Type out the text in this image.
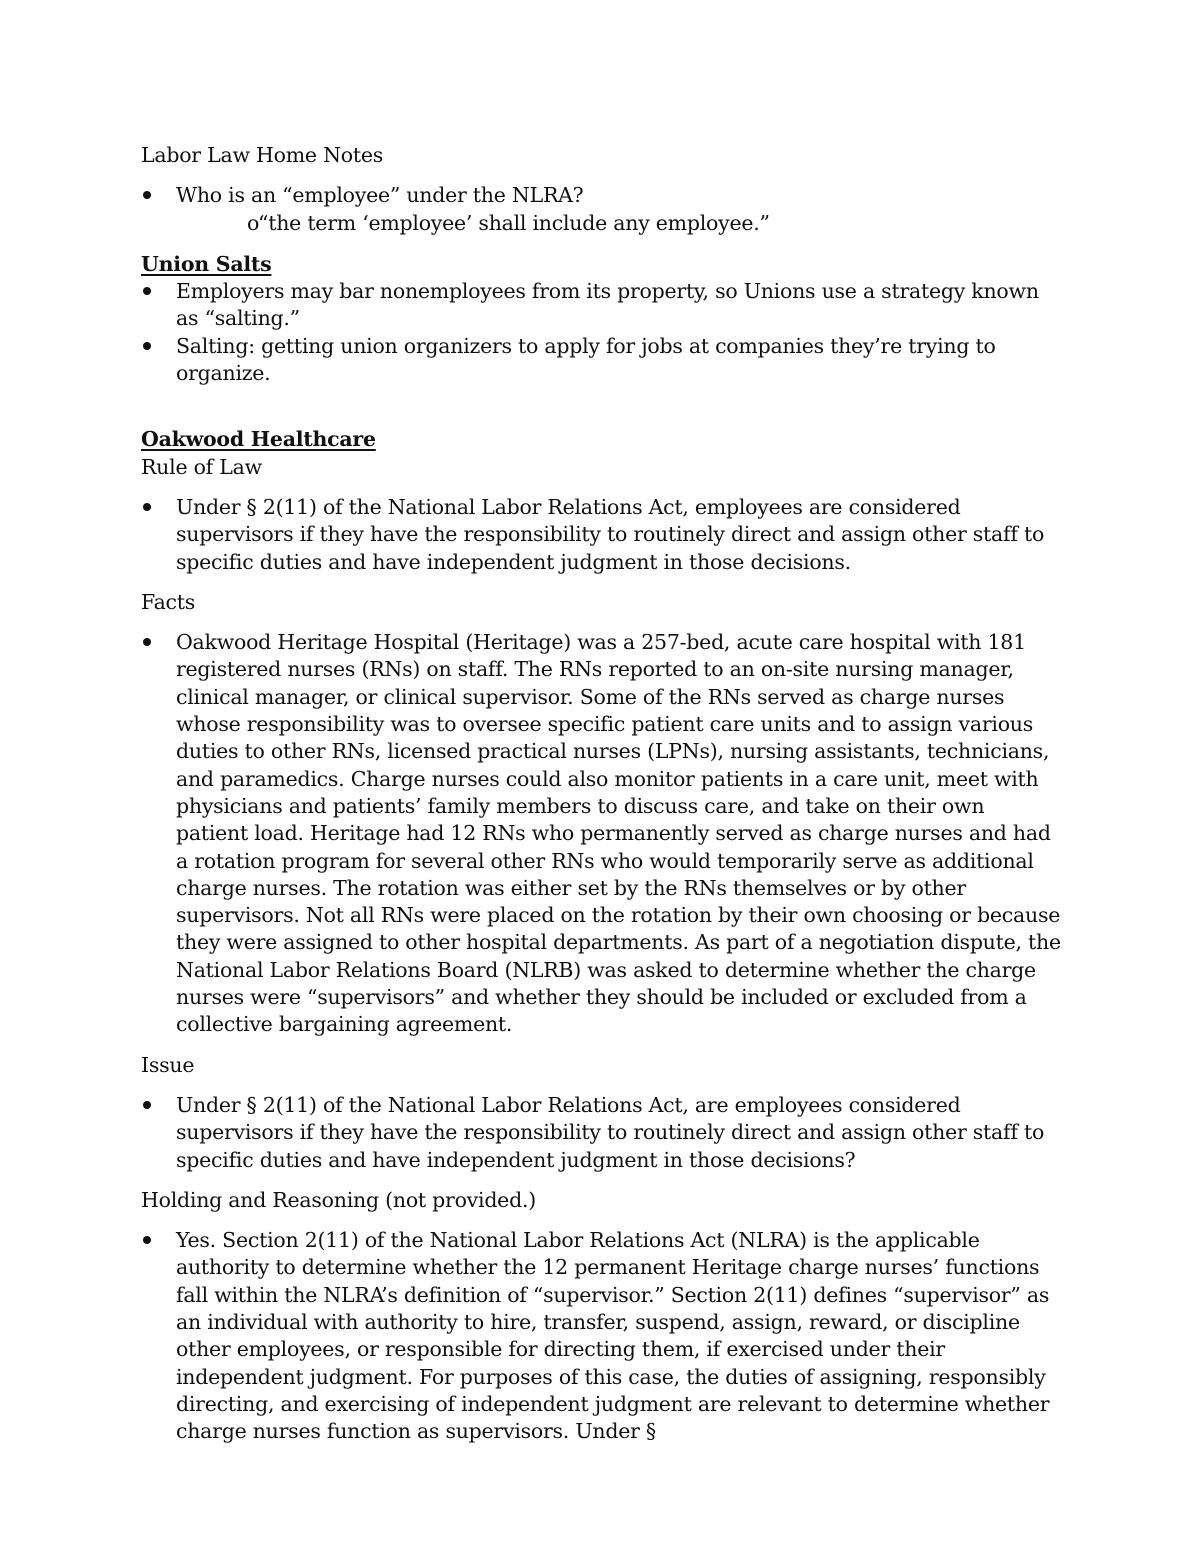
Labor Law Home Notes

Who is an “employee” under the NLRA?
o “the term ‘employee’ shall include any employee.”

Union Salts

Employers may bar nonemployees from its property, so Unions use a strategy known as “salting.”
Salting: getting union organizers to apply for jobs at companies they’re trying to organize.

Oakwood Healthcare

Rule of Law

Under § 2(11) of the National Labor Relations Act, employees are considered supervisors if they have the responsibility to routinely direct and assign other staff to specific duties and have independent judgment in those decisions.

Facts

Oakwood Heritage Hospital (Heritage) was a 257-bed, acute care hospital with 181 registered nurses (RNs) on staff. The RNs reported to an on-site nursing manager, clinical manager, or clinical supervisor. Some of the RNs served as charge nurses whose responsibility was to oversee specific patient care units and to assign various duties to other RNs, licensed practical nurses (LPNs), nursing assistants, technicians, and paramedics. Charge nurses could also monitor patients in a care unit, meet with physicians and patients’ family members to discuss care, and take on their own patient load. Heritage had 12 RNs who permanently served as charge nurses and had a rotation program for several other RNs who would temporarily serve as additional charge nurses. The rotation was either set by the RNs themselves or by other supervisors. Not all RNs were placed on the rotation by their own choosing or because they were assigned to other hospital departments. As part of a negotiation dispute, the National Labor Relations Board (NLRB) was asked to determine whether the charge nurses were “supervisors” and whether they should be included or excluded from a collective bargaining agreement.

Issue

Under § 2(11) of the National Labor Relations Act, are employees considered supervisors if they have the responsibility to routinely direct and assign other staff to specific duties and have independent judgment in those decisions?

Holding and Reasoning (not provided.)

Yes. Section 2(11) of the National Labor Relations Act (NLRA) is the applicable authority to determine whether the 12 permanent Heritage charge nurses’ functions fall within the NLRA’s definition of “supervisor.” Section 2(11) defines “supervisor” as an individual with authority to hire, transfer, suspend, assign, reward, or discipline other employees, or responsible for directing them, if exercised under their independent judgment. For purposes of this case, the duties of assigning, responsibly directing, and exercising of independent judgment are relevant to determine whether charge nurses function as supervisors. Under §
